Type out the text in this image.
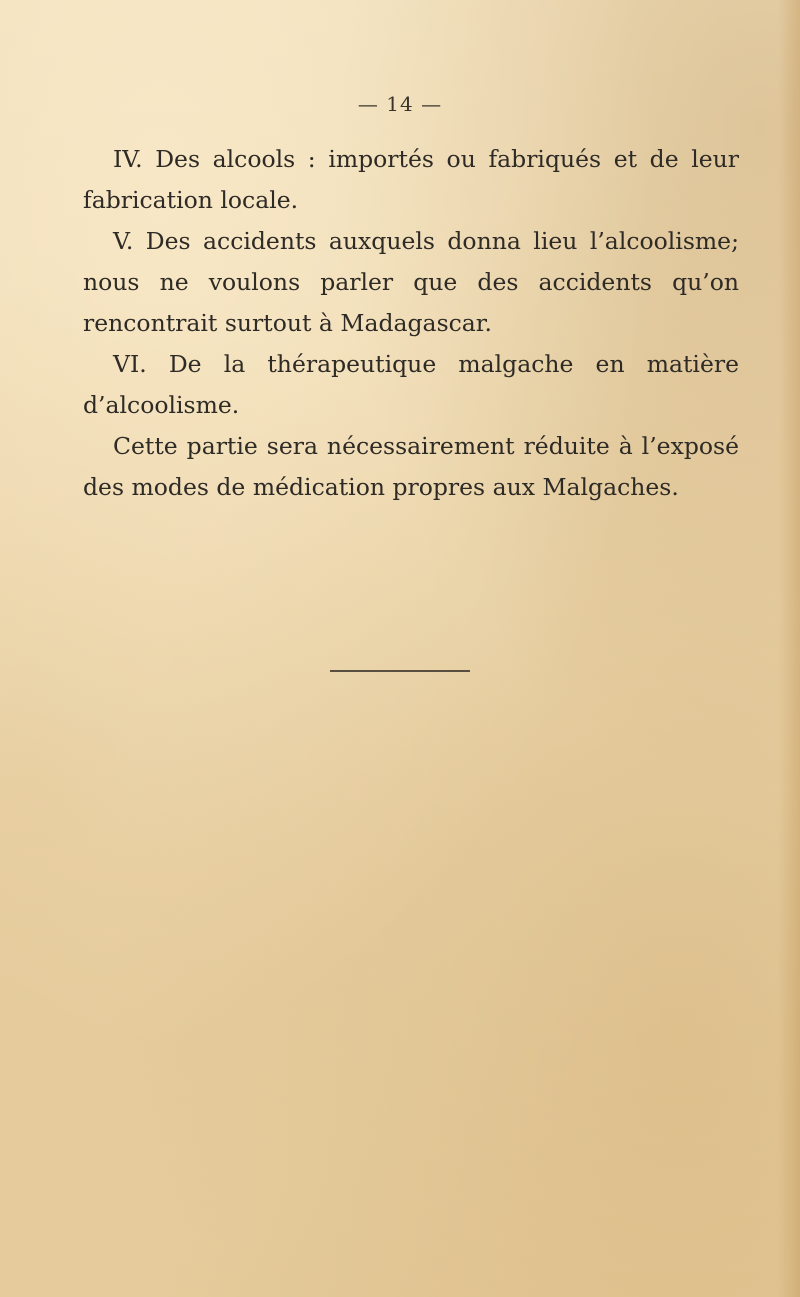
— 14 —

IV. Des alcools : importés ou fabriqués et de leur fabrication locale.

V. Des accidents auxquels donna lieu l’alcoolisme; nous ne voulons parler que des accidents qu’on rencontrait surtout à Madagascar.

VI. De la thérapeutique malgache en matière d’alcoolisme.

Cette partie sera nécessairement réduite à l’exposé des modes de médication propres aux Malgaches.
